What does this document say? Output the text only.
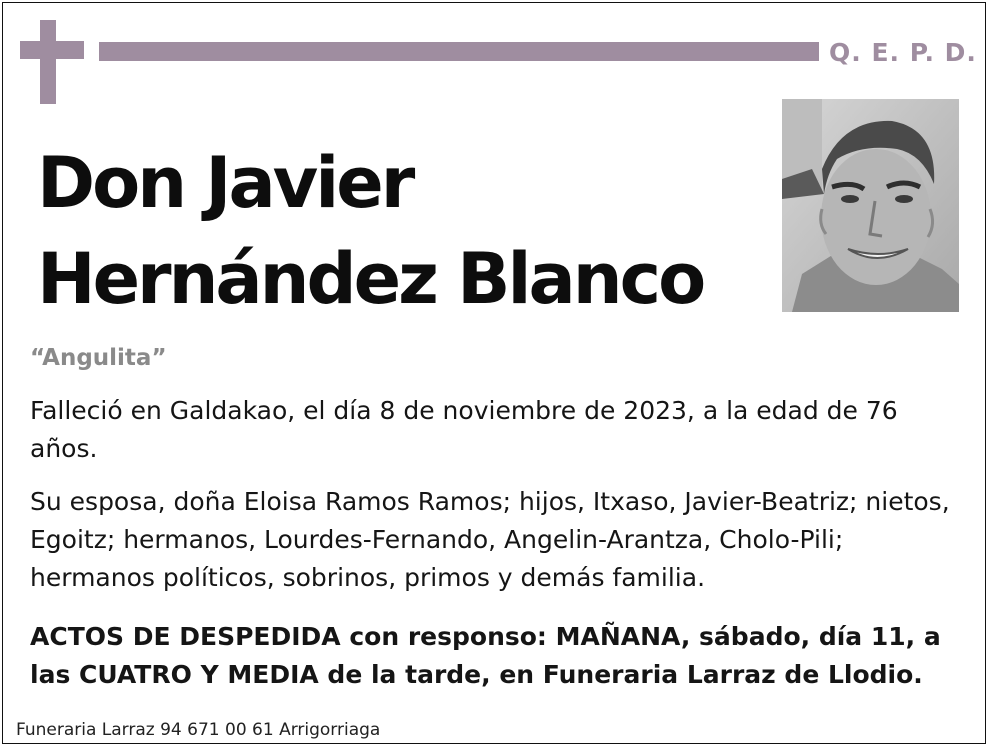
Q. E. P. D.
Don Javier
Hernández Blanco
“Angulita”
Falleció en Galdakao, el día 8 de noviembre de 2023, a la edad de 76 años.
Su esposa, doña Eloisa Ramos Ramos; hijos, Itxaso, Javier-Beatriz; nietos, Egoitz; hermanos, Lourdes-Fernando, Angelin-Arantza, Cholo-Pili; hermanos políticos, sobrinos, primos y demás familia.
ACTOS DE DESPEDIDA con responso: MAÑANA, sábado, día 11, a las CUATRO Y MEDIA de la tarde, en Funeraria Larraz de Llodio.
Funeraria Larraz 94 671 00 61 Arrigorriaga
